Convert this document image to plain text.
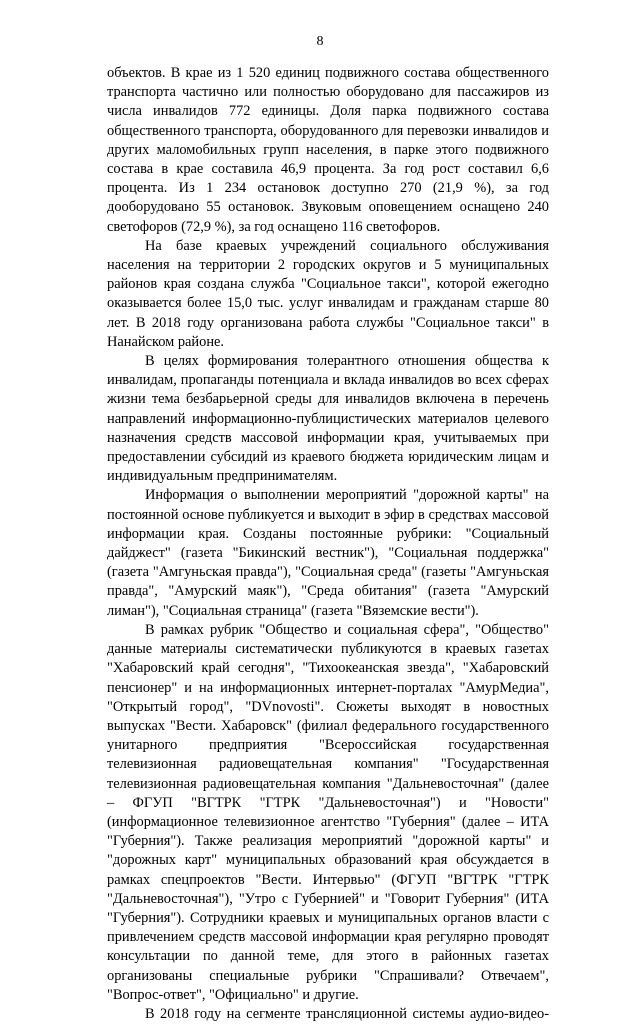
8

объектов. В крае из 1 520 единиц подвижного состава общественного транспорта частично или полностью оборудовано для пассажиров из числа инвалидов 772 единицы. Доля парка подвижного состава общественного транспорта, оборудованного для перевозки инвалидов и других маломобильных групп населения, в парке этого подвижного состава в крае составила 46,9 процента. За год рост составил 6,6 процента. Из 1 234 остановок доступно 270 (21,9 %), за год дооборудовано 55 остановок. Звуковым оповещением оснащено 240 светофоров (72,9 %), за год оснащено 116 светофоров.

На базе краевых учреждений социального обслуживания населения на территории 2 городских округов и 5 муниципальных районов края создана служба "Социальное такси", которой ежегодно оказывается более 15,0 тыс. услуг инвалидам и гражданам старше 80 лет. В 2018 году организована работа службы "Социальное такси" в Нанайском районе.

В целях формирования толерантного отношения общества к инвалидам, пропаганды потенциала и вклада инвалидов во всех сферах жизни тема безбарьерной среды для инвалидов включена в перечень направлений информационно-публицистических материалов целевого назначения средств массовой информации края, учитываемых при предоставлении субсидий из краевого бюджета юридическим лицам и индивидуальным предпринимателям.

Информация о выполнении мероприятий "дорожной карты" на постоянной основе публикуется и выходит в эфир в средствах массовой информации края. Созданы постоянные рубрики: "Социальный дайджест" (газета "Бикинский вестник"), "Социальная поддержка" (газета "Амгуньская правда"), "Социальная среда" (газеты "Амгуньская правда", "Амурский маяк"), "Среда обитания" (газета "Амурский лиман"), "Социальная страница" (газета "Вяземские вести").

В рамках рубрик "Общество и социальная сфера", "Общество" данные материалы систематически публикуются в краевых газетах "Хабаровский край сегодня", "Тихоокеанская звезда", "Хабаровский пенсионер" и на информационных интернет-порталах "АмурМедиа", "Открытый город", "DVnovosti". Сюжеты выходят в новостных выпусках "Вести. Хабаровск" (филиал федерального государственного унитарного предприятия "Всероссийская государственная телевизионная радиовещательная компания" "Государственная телевизионная радиовещательная компания "Дальневосточная" (далее – ФГУП "ВГТРК "ГТРК "Дальневосточная") и "Новости" (информационное телевизионное агентство "Губерния" (далее – ИТА "Губерния"). Также реализация мероприятий "дорожной карты" и "дорожных карт" муниципальных образований края обсуждается в рамках спецпроектов "Вести. Интервью" (ФГУП "ВГТРК "ГТРК "Дальневосточная"), "Утро с Губернией" и "Говорит Губерния" (ИТА "Губерния"). Сотрудники краевых и муниципальных органов власти с привлечением средств массовой информации края регулярно проводят консультации по данной теме, для этого в районных газетах организованы специальные рубрики "Спрашивали? Отвечаем", "Вопрос-ответ", "Официально" и другие.

В 2018 году на сегменте трансляционной системы аудио-видео-
